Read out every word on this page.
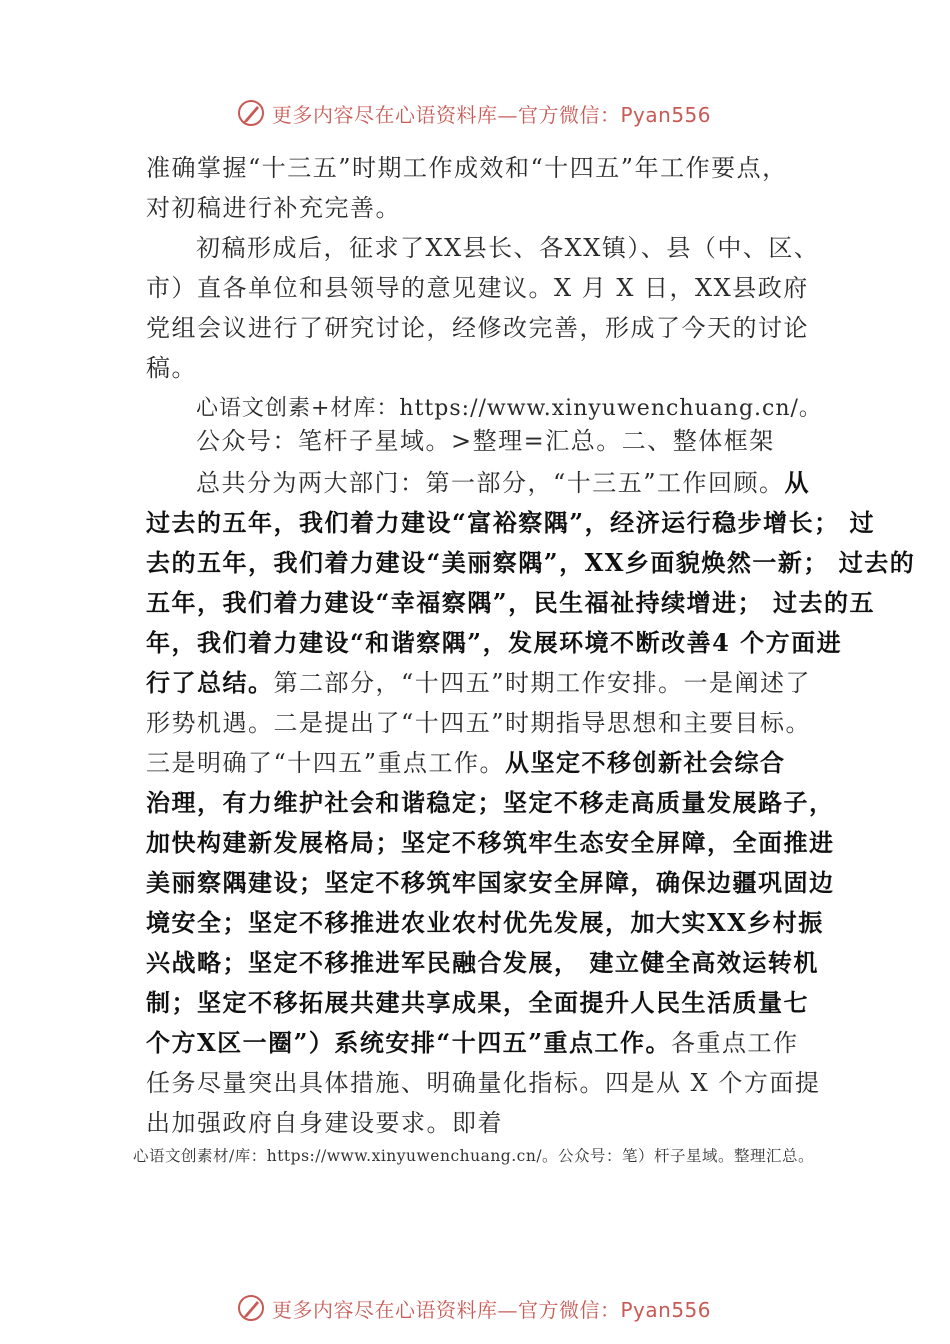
更多内容尽在心语资料库—官方微信：Pyan556
准确掌握“十三五”时期工作成效和“十四五”年工作要点，
对初稿进行补充完善。
初稿形成后，征求了XX县长、各XX镇）、县（中、区、
市）直各单位和县领导的意见建议。X 月 X 日，XX县政府
党组会议进行了研究讨论，经修改完善，形成了今天的讨论
稿。
心语文创素+材库：https://www.xinyuwenchuang.cn/。
公众号：笔杆子星域。>整理=汇总。二、整体框架
总共分为两大部门：第一部分，“十三五”工作回顾。从
过去的五年，我们着力建设“富裕察隅”，经济运行稳步增长； 过
去的五年，我们着力建设“美丽察隅”，XX乡面貌焕然一新； 过去的
五年，我们着力建设“幸福察隅”，民生福祉持续增进； 过去的五
年，我们着力建设“和谐察隅”，发展环境不断改善4 个方面进
行了总结。第二部分，“十四五”时期工作安排。一是阐述了
形势机遇。二是提出了“十四五”时期指导思想和主要目标。
三是明确了“十四五”重点工作。从坚定不移创新社会综合
治理，有力维护社会和谐稳定；坚定不移走高质量发展路子，
加快构建新发展格局；坚定不移筑牢生态安全屏障，全面推进
美丽察隅建设；坚定不移筑牢国家安全屏障，确保边疆巩固边
境安全；坚定不移推进农业农村优先发展，加大实XX乡村振
兴战略；坚定不移推进军民融合发展， 建立健全高效运转机
制；坚定不移拓展共建共享成果，全面提升人民生活质量七
个方X区一圈”）系统安排“十四五”重点工作。各重点工作
任务尽量突出具体措施、明确量化指标。四是从 X 个方面提
出加强政府自身建设要求。即着
心语文创素材/库：https://www.xinyuwenchuang.cn/。公众号：笔）杆子星域。整理汇总。
更多内容尽在心语资料库—官方微信：Pyan556
